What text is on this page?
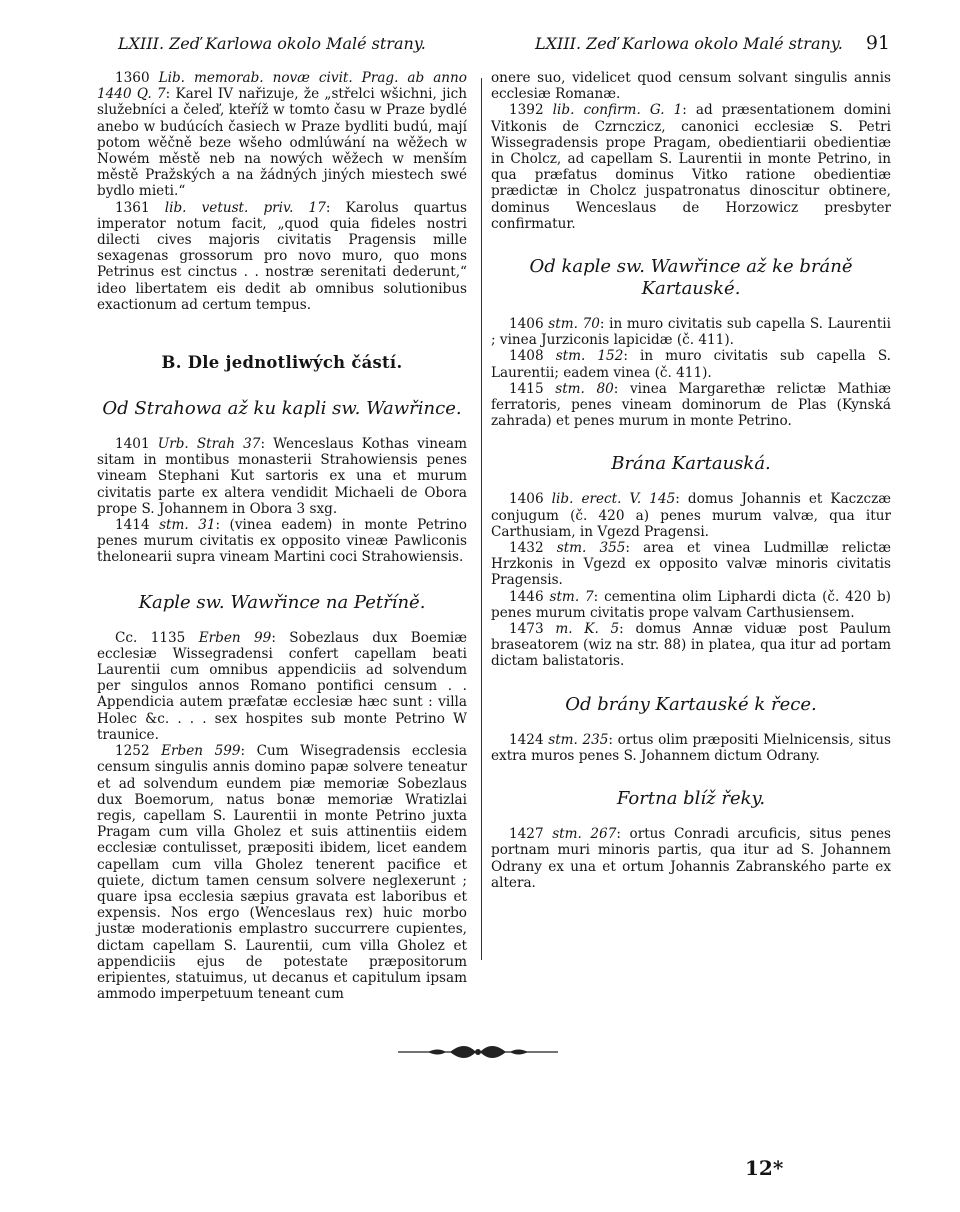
LXIII. Zeď Karlowa okolo Malé strany.	LXIII. Zeď Karlowa okolo Malé strany. 91

1360 Lib. memorab. novæ civit. Prag. ab anno 1440 Q. 7: Karel IV nařizuje, že „střelci wšichni, jich služebníci a čeleď, kteříž w tomto času w Praze bydlé anebo w budúcích časiech w Praze bydliti budú, mají potom wěčně beze wšeho odmlúwání na wěžech w Nowém městě neb na nowých wěžech w menším městě Pražských a na žádných jiných miestech swé bydlo mieti.“

1361 lib. vetust. priv. 17: Karolus quartus imperator notum facit, „quod quia fideles nostri dilecti cives majoris civitatis Pragensis mille sexagenas grossorum pro novo muro, quo mons Petrinus est cinctus . . nostræ serenitati dederunt,“ ideo libertatem eis dedit ab omnibus solutionibus exactionum ad certum tempus.

B. Dle jednotliwých částí.
Od Strahowa až ku kapli sw. Wawřince.

1401 Urb. Strah 37: Wenceslaus Kothas vineam sitam in montibus monasterii Strahowiensis penes vineam Stephani Kut sartoris ex una et murum civitatis parte ex altera vendidit Michaeli de Obora prope S. Johannem in Obora 3 sxg.

1414 stm. 31: (vinea eadem) in monte Petrino penes murum civitatis ex opposito vineæ Pawliconis thelonearii supra vineam Martini coci Strahowiensis.

Kaple sw. Wawřince na Petříně.

Cc. 1135 Erben 99: Sobezlaus dux Boemiæ ecclesiæ Wissegradensi confert capellam beati Laurentii cum omnibus appendiciis ad solvendum per singulos annos Romano pontifici censum . . Appendicia autem præfatæ ecclesiæ hæc sunt : villa Holec &c. . . . sex hospites sub monte Petrino W traunice.

1252 Erben 599: Cum Wisegradensis ecclesia censum singulis annis domino papæ solvere teneatur et ad solvendum eundem piæ memoriæ Sobezlaus dux Boemorum, natus bonæ memoriæ Wratizlai regis, capellam S. Laurentii in monte Petrino juxta Pragam cum villa Gholez et suis attinentiis eidem ecclesiæ contulisset, præpositi ibidem, licet eandem capellam cum villa Gholez tenerent pacifice et quiete, dictum tamen censum solvere neglexerunt ; quare ipsa ecclesia sæpius gravata est laboribus et expensis. Nos ergo (Wenceslaus rex) huic morbo justæ moderationis emplastro succurrere cupientes, dictam capellam S. Laurentii, cum villa Gholez et appendiciis ejus de potestate præpositorum eripientes, statuimus, ut decanus et capitulum ipsam ammodo imperpetuum teneant cum

onere suo, videlicet quod censum solvant singulis annis ecclesiæ Romanæ.

1392 lib. confirm. G. 1: ad præsentationem domini Vitkonis de Czrnczicz, canonici ecclesiæ S. Petri Wissegradensis prope Pragam, obedientiarii obedientiæ in Cholcz, ad capellam S. Laurentii in monte Petrino, in qua præfatus dominus Vitko ratione obedientiæ prædictæ in Cholcz juspatronatus dinoscitur obtinere, dominus Wenceslaus de Horzowicz presbyter confirmatur.

Od kaple sw. Wawřince až ke bráně Kartauské.

1406 stm. 70: in muro civitatis sub capella S. Laurentii ; vinea Jurziconis lapicidæ (č. 411).

1408 stm. 152: in muro civitatis sub capella S. Laurentii; eadem vinea (č. 411).

1415 stm. 80: vinea Margarethæ relictæ Mathiæ ferratoris, penes vineam dominorum de Plas (Kynská zahrada) et penes murum in monte Petrino.

Brána Kartauská.

1406 lib. erect. V. 145: domus Johannis et Kaczczæ conjugum (č. 420 a) penes murum valvæ, qua itur Carthusiam, in Vgezd Pragensi.

1432 stm. 355: area et vinea Ludmillæ relictæ Hrzkonis in Vgezd ex opposito valvæ minoris civitatis Pragensis.

1446 stm. 7: cementina olim Liphardi dicta (č. 420 b) penes murum civitatis prope valvam Carthusiensem.

1473 m. K. 5: domus Annæ viduæ post Paulum braseatorem (wiz na str. 88) in platea, qua itur ad portam dictam balistatoris.

Od brány Kartauské k řece.

1424 stm. 235: ortus olim præpositi Mielnicensis, situs extra muros penes S. Johannem dictum Odrany.

Fortna blíž řeky.

1427 stm. 267: ortus Conradi arcuficis, situs penes portnam muri minoris partis, qua itur ad S. Johannem Odrany ex una et ortum Johannis Zabranského parte ex altera.

12*
